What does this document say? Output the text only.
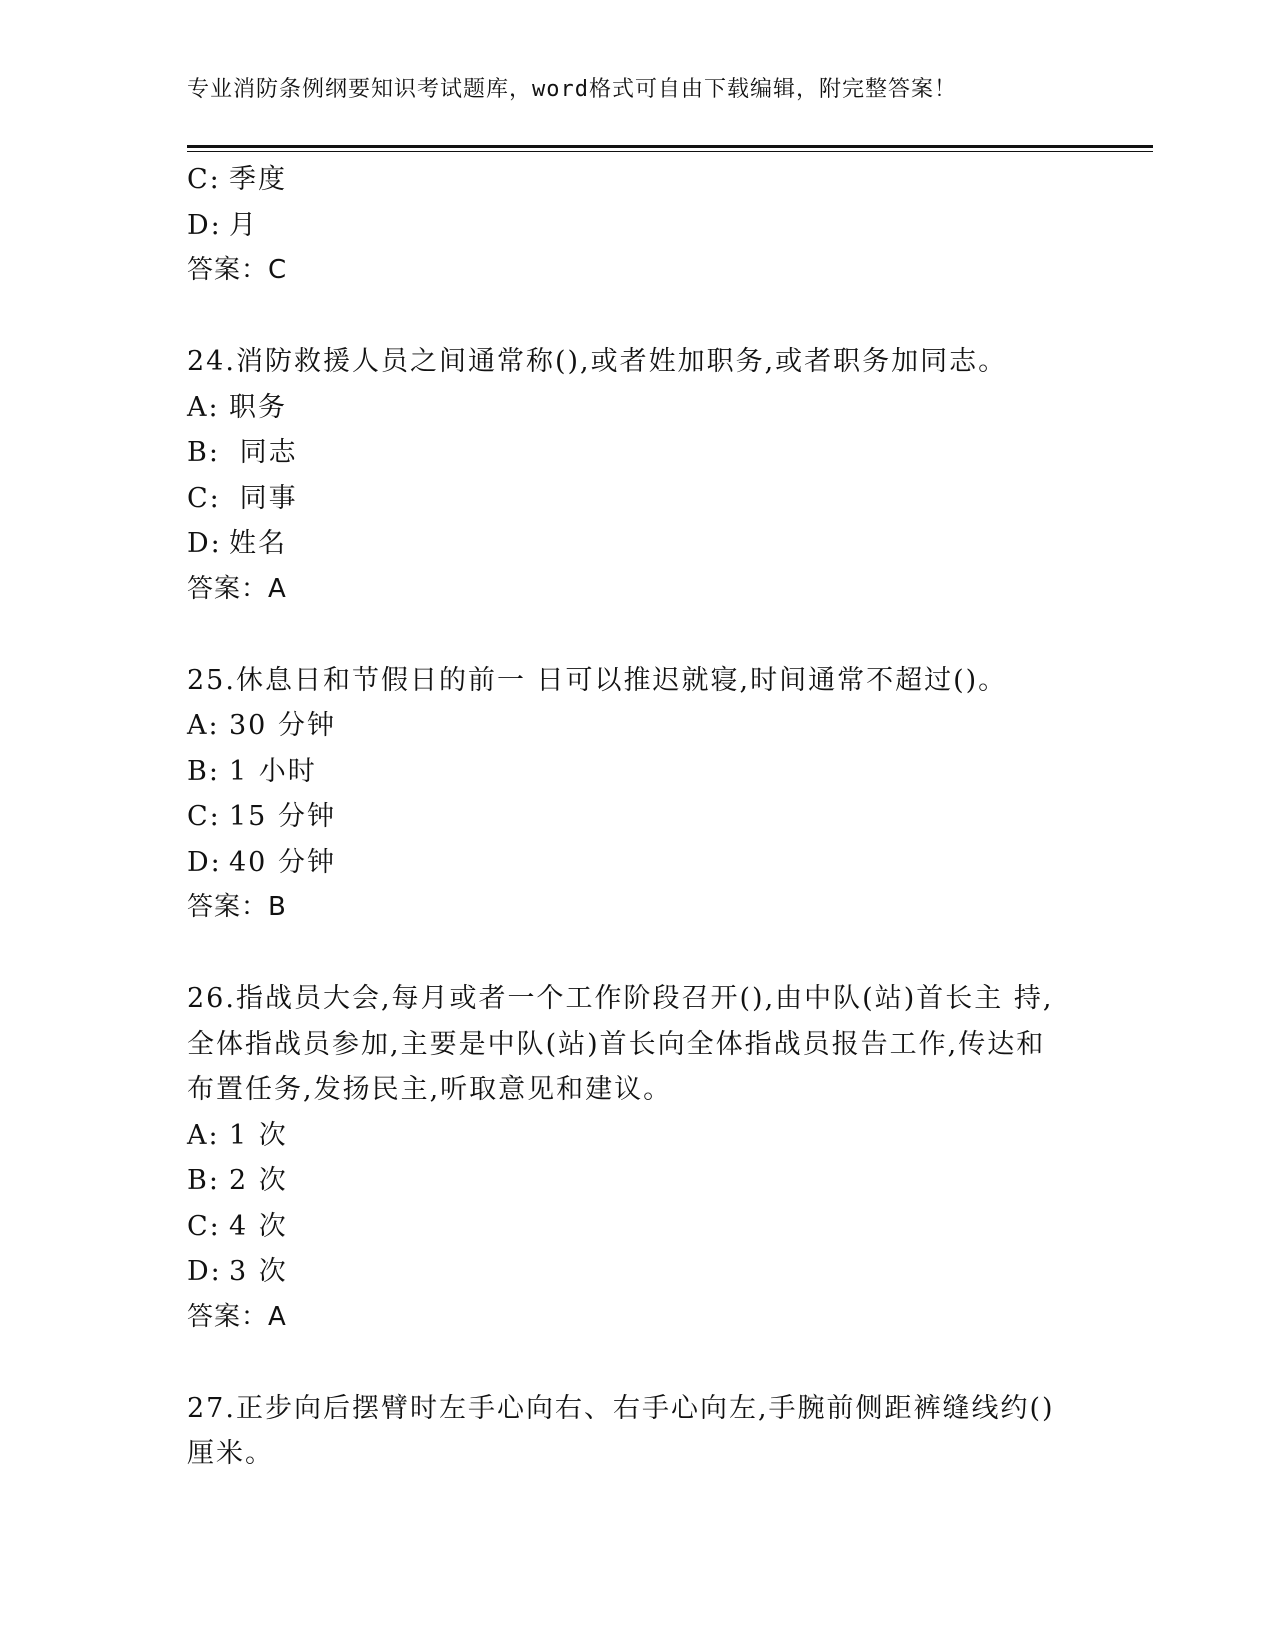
专业消防条例纲要知识考试题库，word格式可自由下载编辑，附完整答案！
C: 季度
D: 月
答案：C
24.消防救援人员之间通常称(),或者姓加职务,或者职务加同志。
A: 职务
B: 同志
C: 同事
D: 姓名
答案：A
25.休息日和节假日的前一 日可以推迟就寝,时间通常不超过()。
A: 30 分钟
B: 1 小时
C: 15 分钟
D: 40 分钟
答案：B
26.指战员大会,每月或者一个工作阶段召开(),由中队(站)首长主 持,
全体指战员参加,主要是中队(站)首长向全体指战员报告工作,传达和
布置任务,发扬民主,听取意见和建议。
A: 1 次
B: 2 次
C: 4 次
D: 3 次
答案：A
27.正步向后摆臂时左手心向右、右手心向左,手腕前侧距裤缝线约()
厘米。
